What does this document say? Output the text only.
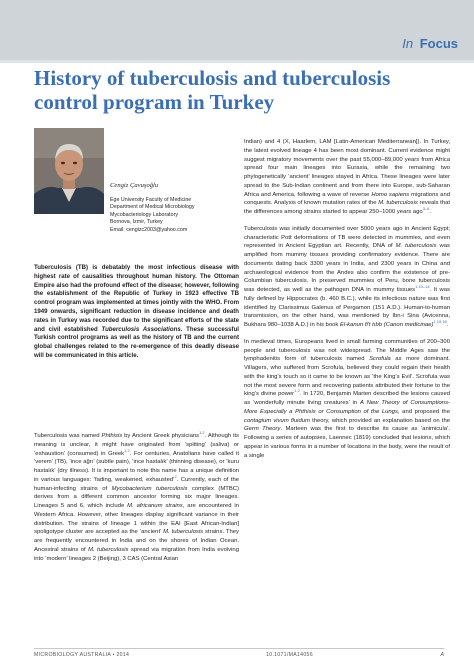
In Focus
History of tuberculosis and tuberculosis control program in Turkey
Cengiz Çavuşoğlu
Ege University Faculty of Medicine
Department of Medical Microbiology
Mycobacteriology Laboratory
Bornova, Izmir, Turkey
Email: cengizc2003@yahoo.com

Tuberculosis (TB) is debatably the most infectious disease with highest rate of causalities throughout human history. The Ottoman Empire also had the profound effect of the disease; however, following the establishment of the Republic of Turkey in 1923 effective TB control program was implemented at times jointly with the WHO. From 1949 onwards, significant reduction in disease incidence and death rates in Turkey was recorded due to the significant efforts of the state and civil established Tuberculosis Associations. These successful Turkish control programs as well as the history of TB and the current global challenges related to the re-emergence of this deadly disease will be communicated in this article.

Tuberculosis was named Phthisis by Ancient Greek physicians$^{1,2}$. Although its meaning is unclear, it might have originated from ‘spitting’ (saliva) or ‘exhaustion’ (consumed) in Greek$^{1,2}$. For centuries, Anatolians have called it ‘verem’ (TB), ‘ince ağrı’ (subtle pain), ‘ince hastalık’ (thinning disease), or ‘kuru hastalık’ (dry illness). It is important to note this name has a unique definition in various languages: ‘fading, weakened, exhausted’$^2$. Currently, each of the human-infecting strains of Mycobacterium tuberculosis complex (MTBC) derives from a different common ancestor forming six major lineages. Lineages 5 and 6, which include M. africanum strains, are encountered in Western Africa. However, other lineages display significant variance in their distribution. The strains of lineage 1 within the EAI [East African-Indian] spoligotype cluster are accepted as the ‘ancient’ M. tuberculosis strains. They are frequently encountered in India and on the shores of Indian Ocean. Ancestral strains of M. tuberculosis spread via migration from India evolving into ‘modern’ lineages 2 (Beijing), 3 CAS (Central Asian

Indian) and 4 (X, Haarlem, LAM [Latin-American Mediterranean]). In Turkey, the latest evolved lineage 4 has been most dominant. Current evidence might suggest migratory movements over the past 55,000–89,000 years from Africa spread four main lineages into Eurasia, while the remaining two phylogenetically ‘ancient’ lineages stayed in Africa. These lineages were later spread to the Sub-Indian continent and from there into Europe, sub-Saharan Africa and America, following a wave of reverse Homo sapiens migrations and conquests. Analysis of known mutation rates of the M. tuberculosis reveals that the differences among strains started to appear 250–1000 years ago$^{3-6}$.

Tuberculosis was initially documented over 5000 years ago in Ancient Egypt; characteristic Pott deformations of TB were detected in mummies, and even represented in Ancient Egyptian art. Recently, DNA of M. tuberculosis was amplified from mummy tissues providing confirmatory evidence. There are documents dating back 3300 years in India, and 2300 years in China and archaeological evidence from the Andes also confirm the existence of pre-Columbian tuberculosis. In preserved mummies of Peru, bone tuberculosis was detected, as well as the pathogen DNA in mummy tissues$^{1,10-14}$. It was fully defined by Hippocrates (b. 460 B.C.), while its infectious nature was first identified by Clarissimus Galenus of Pergamon (151 A.D.). Human-to-human transmission, on the other hand, was mentioned by Ibn-i Sina (Avicenna, Bukhara 980–1038 A.D.) in his book El-kanun fi't tıbb (Canon medicinae)$^{1,15,16}$.

In medieval times, Europeans lived in small farming communities of 200–300 people and tuberculosis was not widespread. The Middle Ages saw the lymphadenitis form of tuberculosis named Scrofula as more dominant. Villagers, who suffered from Scrofula, believed they could regain their health with the king’s touch so it came to be known as ‘the King’s Evil’. Scrofula was not the most severe form and recovering patients attributed their fortune to the king’s divine power$^{1,2}$. In 1720, Benjamin Marten described the lesions caused as ‘wonderfully minute living creatures’ in A New Theory of Consumptions- More Especially a Phthisis or Consumption of the Lungs, and proposed the contagium vivum fluidum theory, which provided an explanation based on the Germ Theory. Marteen was the first to describe its cause as ‘animicula’. Following a series of autopsies, Laennec (1819) concluded that lesions, which appear in various forms in a number of locations in the body, were the result of a single

MICROBIOLOGY AUSTRALIA • 2014	10.1071/MA14056	A
